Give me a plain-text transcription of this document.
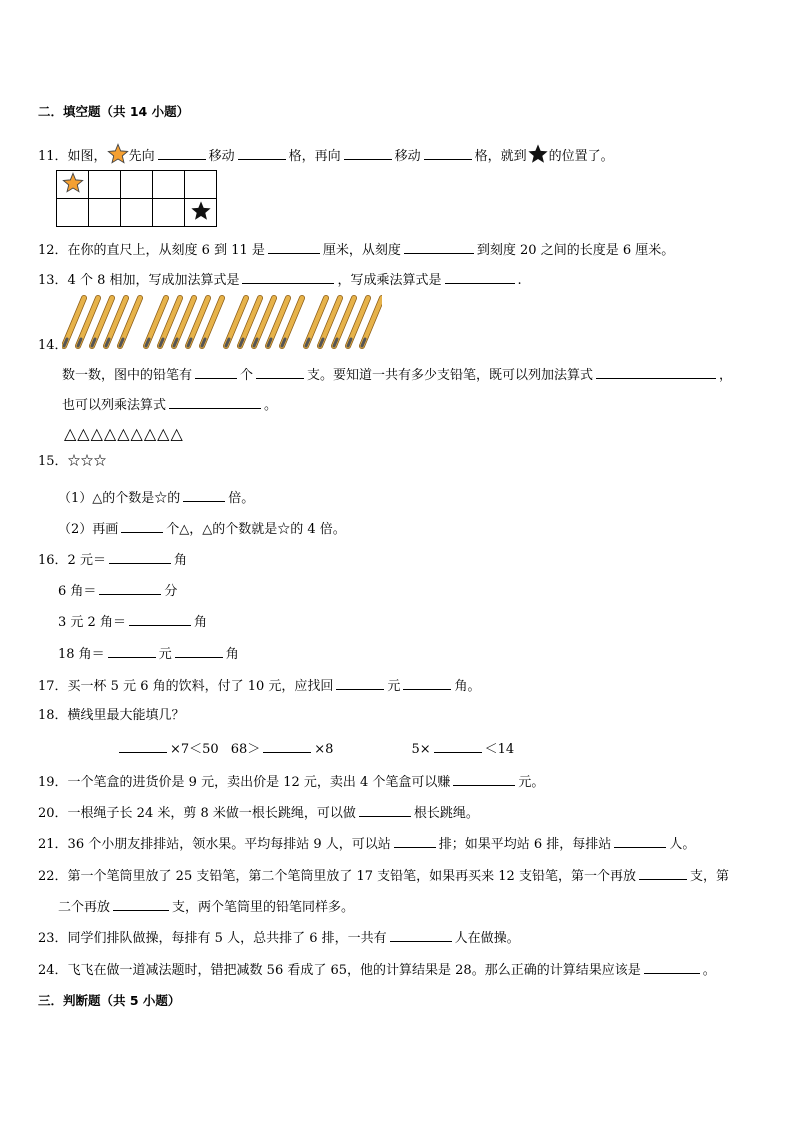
二．填空题（共 14 小题）
11．如图， 先向	移动	格，再向	移动	格，就到 的位置了。

12．在你的直尺上，从刻度 6 到 11 是	厘米，从刻度	到刻度 20 之间的长度是 6 厘米。
13．4 个 8 相加，写成加法算式是	，写成乘法算式是	.
14．
数一数，图中的铅笔有	个	支。要知道一共有多少支铅笔，既可以列加法算式	，
也可以列乘法算式	。
△△△△△△△△△
15．☆☆☆
（1）△的个数是☆的	倍。
（2）再画	个△，△的个数就是☆的 4 倍。
16．2 元＝	角
6 角＝	分
3 元 2 角＝	角
18 角＝	元	角
17．买一杯 5 元 6 角的饮料，付了 10 元，应找回	元	角。
18．横线里最大能填几？
×7＜50 68＞	×8	5×	＜14
19．一个笔盒的进货价是 9 元，卖出价是 12 元，卖出 4 个笔盒可以赚	元。
20．一根绳子长 24 米，剪 8 米做一根长跳绳，可以做	根长跳绳。
21．36 个小朋友排排站，领水果。平均每排站 9 人，可以站	排；如果平均站 6 排，每排站	人。
22．第一个笔筒里放了 25 支铅笔，第二个笔筒里放了 17 支铅笔，如果再买来 12 支铅笔，第一个再放	支，第
二个再放	支，两个笔筒里的铅笔同样多。
23．同学们排队做操，每排有 5 人，总共排了 6 排，一共有	人在做操。
24．飞飞在做一道减法题时，错把减数 56 看成了 65，他的计算结果是 28。那么正确的计算结果应该是	。
三．判断题（共 5 小题）
